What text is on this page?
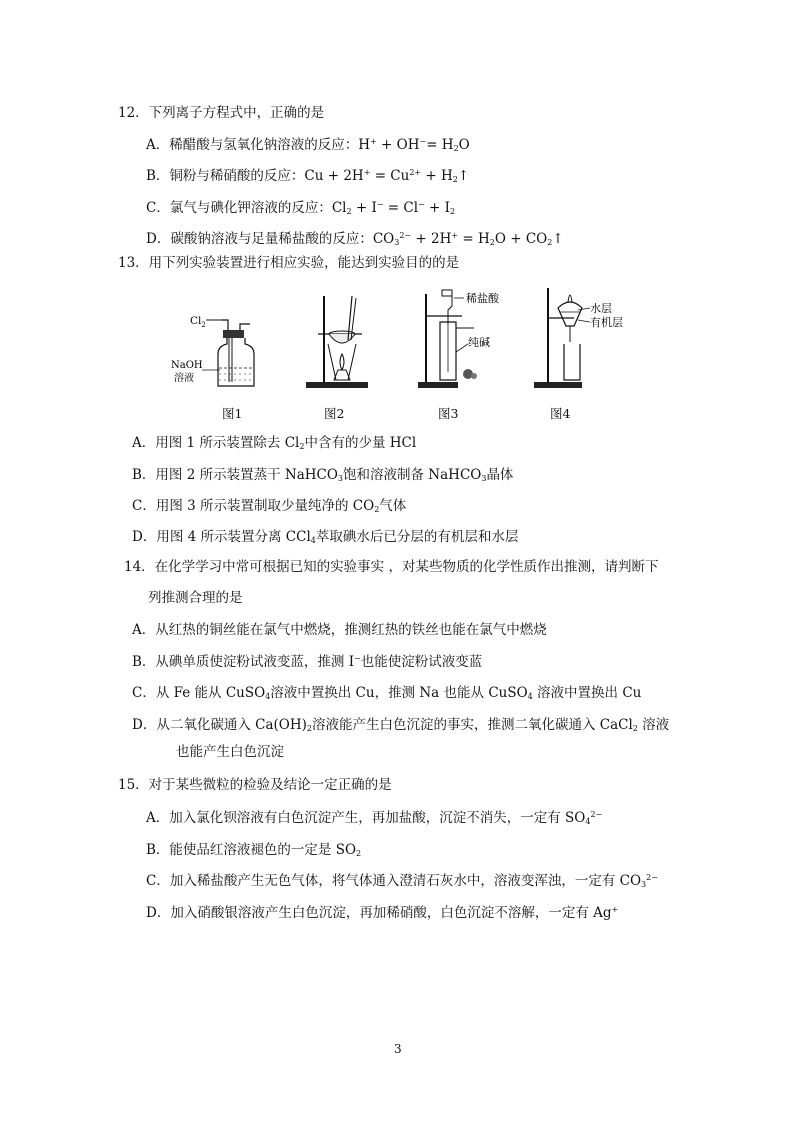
12．下列离子方程式中，正确的是
A．稀醋酸与氢氧化钠溶液的反应：$H^+ + OH^-= H_2O$
B．铜粉与稀硝酸的反应：$Cu + 2H^+ = Cu^{2+}$ + $H_2↑$
C．氯气与碘化钾溶液的反应：$Cl_2 + I^- = Cl^- + I_2$
D．碳酸钠溶液与足量稀盐酸的反应：$CO_3^{2-} + 2H^+ = H_2O$ + $CO_2↑$
13．用下列实验装置进行相应实验，能达到实验目的的是
$Cl_2$
NaOH
溶液
稀盐酸
纯碱
水层
有机层
图1	图2	图3	图4
A．用图 1 所示装置除去 $Cl_2$中含有的少量 HCl
B．用图 2 所示装置蒸干 NaHCO$_3$饱和溶液制备 NaHCO$_3$晶体
C．用图 3 所示装置制取少量纯净的 $CO_2$气体
D．用图 4 所示装置分离 CCl$_4$萃取碘水后已分层的有机层和水层
14．在化学学习中常可根据已知的实验事实 ，对某些物质的化学性质作出推测，请判断下
列推测合理的是
A．从红热的铜丝能在氯气中燃烧，推测红热的铁丝也能在氯气中燃烧
B．从碘单质使淀粉试液变蓝，推测 I−也能使淀粉试液变蓝
C．从 Fe 能从 CuSO$_4$溶液中置换出 Cu，推测 Na 也能从 CuSO$_4$ 溶液中置换出 Cu
D．从二氧化碳通入 $Ca(OH)_2$溶液能产生白色沉淀的事实，推测二氧化碳通入 CaCl$_2$ 溶液
也能产生白色沉淀
15．对于某些微粒的检验及结论一定正确的是
A．加入氯化钡溶液有白色沉淀产生，再加盐酸，沉淀不消失，一定有 $SO_4^{2-}$
B．能使品红溶液褪色的一定是 $SO_2$
C．加入稀盐酸产生无色气体，将气体通入澄清石灰水中，溶液变浑浊，一定有 $CO_3^{2-}$
D．加入硝酸银溶液产生白色沉淀，再加稀硝酸，白色沉淀不溶解，一定有 Ag+
3
